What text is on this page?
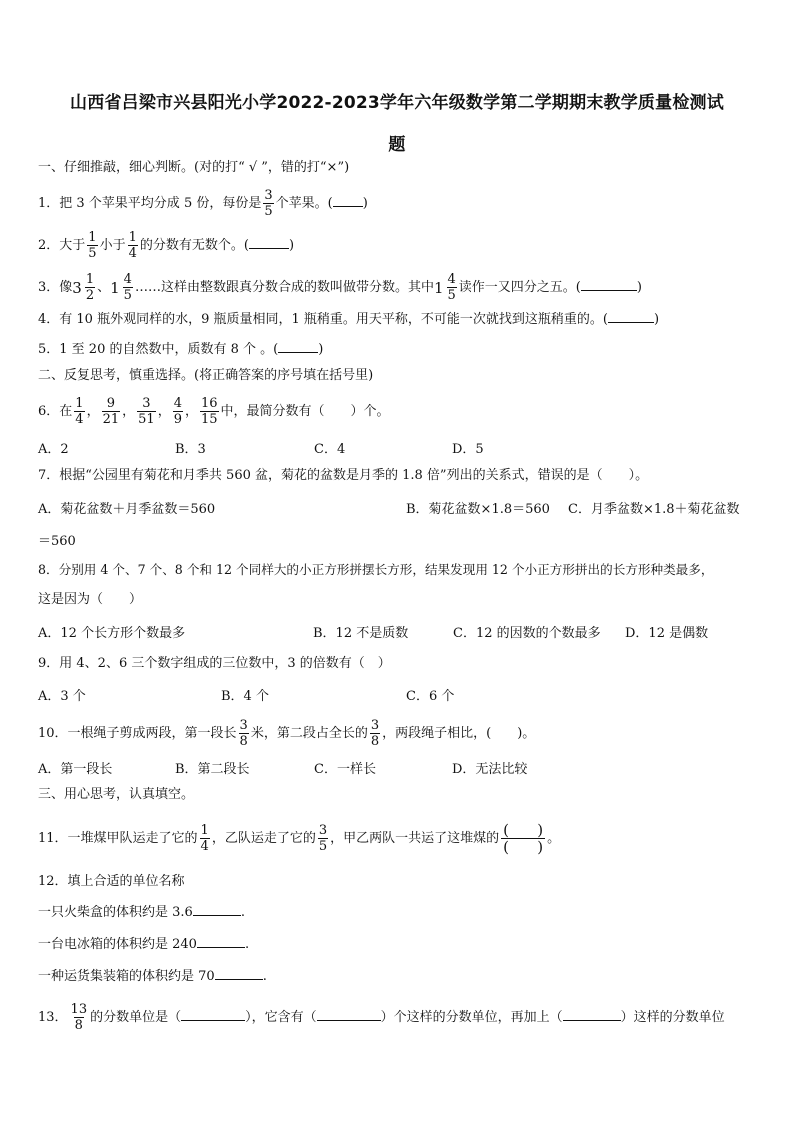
山西省吕梁市兴县阳光小学2022-2023学年六年级数学第二学期期末教学质量检测试
题
一、仔细推敲，细心判断。(对的打“ √ ”，错的打“×”)
1．把 3 个苹果平均分成 5 份，每份是 $\frac{3}{5}$ 个苹果。( )
2．大于 $\frac{1}{5}$ 小于 $\frac{1}{4}$ 的分数有无数个。(	)
3．像 $3 \frac{1}{2}$ 、 $1 \frac{4}{5}$ ……这样由整数跟真分数合成的数叫做带分数。其中 $1 \frac{4}{5}$ 读作一又四分之五。(	)
4．有 10 瓶外观同样的水，9 瓶质量相同，1 瓶稍重。用天平称，不可能一次就找到这瓶稍重的。(	)
5．1 至 20 的自然数中，质数有 8 个 。(	)
二、反复思考，慎重选择。(将正确答案的序号填在括号里)
6．在 $\frac{1}{4}$ ， $\frac{9}{21}$ ， $\frac{3}{51}$ ， $\frac{4}{9}$ ， $\frac{16}{15}$ 中，最简分数有（　　）个。
A．2	B．3	C．4	D．5
7．根据“公园里有菊花和月季共 560 盆，菊花的盆数是月季的 1.8 倍”列出的关系式，错误的是（　　）。
A．菊花盆数＋月季盆数＝560	B．菊花盆数×1.8＝560 C．月季盆数×1.8＋菊花盆数
＝560
8．分别用 4 个、7 个、8 个和 12 个同样大的小正方形拼摆长方形，结果发现用 12 个小正方形拼出的长方形种类最多，
这是因为（　　）
A．12 个长方形个数最多	B．12 不是质数	C．12 的因数的个数最多 D．12 是偶数
9．用 4、2、6 三个数字组成的三位数中，3 的倍数有（　）
A．3 个	B．4 个	C．6 个
10．一根绳子剪成两段，第一段长 $\frac{3}{8}$ 米，第二段占全长的 $\frac{3}{8}$ ，两段绳子相比，(　　)。
A．第一段长	B．第二段长	C．一样长	D．无法比较
三、用心思考，认真填空。
11．一堆煤甲队运走了它的 $\frac{1}{4}$ ，乙队运走了它的 $\frac{3}{5}$ ，甲乙两队一共运了这堆煤的
( )
( )	。
12．填上合适的单位名称
一只火柴盒的体积约是 3.6	.
一台电冰箱的体积约是 240	.
一种运货集装箱的体积约是 70	.
13． $\frac{13}{8}$ 的分数单位是（	），它含有（	）个这样的分数单位，再加上（	）这样的分数单位
